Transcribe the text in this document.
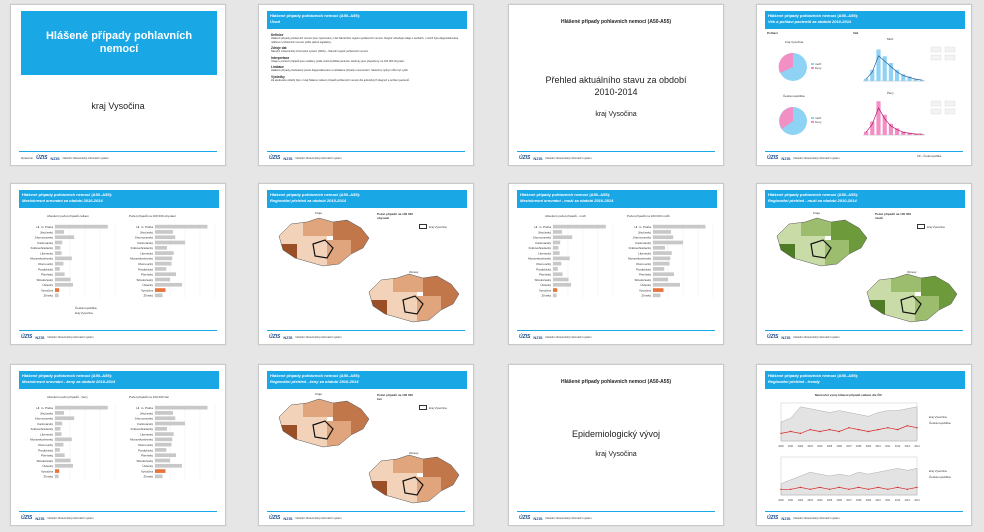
Hlášené případy pohlavních nemocí
kraj Vysočina
Zpracoval: ÚZIS NZIS Národní zdravotnický informační systém
Hlášené případy pohlavních nemocí (A50–A55):
Úvod
Definice
Hlášené případy pohlavních nemocí jsou zpracovány z dat Národního registru pohlavních nemocí. Registr obsahuje údaje o osobách, u nichž byla diagnostikována některá z pohlavních nemocí podle platné legislativy.
Zdroje dat
Národní zdravotnický informační systém (NZIS) – Národní registr pohlavních nemocí.
Interpretace
Údaje o počtech případů jsou uváděny podle místa bydliště pacienta. Hodnoty jsou přepočteny na 100 000 obyvatel.
Limitace
Hlášené případy představují pouze diagnostikované a nahlášené případy onemocnění. Skutečný výskyt může být vyšší.
Výsledky
Za sledované období bylo v kraji hlášeno celkem případů pohlavních nemocí dle jednotlivých diagnóz a pohlaví pacientů.
ÚZIS NZIS Národní zdravotnický informační systém
Hlášené případy pohlavních nemocí (A50-A55)
Přehled aktuálního stavu za období
2010-2014
kraj Vysočina
ÚZIS NZIS Národní zdravotnický informační systém
Hlášené případy pohlavních nemocí (A50–A55):
Věk a pohlaví pacientů za období 2010-2014
Pohlaví	Věk
Kraj Vysočina
Česká republika
muži
ženy
muži
ženy
Muži
Ženy
CR – Česká republika
ÚZIS NZIS Národní zdravotnický informační systém
Hlášené případy pohlavních nemocí (A50–A55):
Meziokresní srovnání za období 2010-2014
Absolutní počet případů celkem	Počet případů na 100 000 obyvatel
Hl. m. Praha
Jihočeský
Jihomoravský
Karlovarský
Královéhradecký
Liberecký
Moravskoslezský
Olomoucký
Pardubický
Plzeňský
Středočeský
Ústecký
Vysočina
Zlínský
Hl. m. Praha
Jihočeský
Jihomoravský
Karlovarský
Královéhradecký
Liberecký
Moravskoslezský
Olomoucký
Pardubický
Plzeňský
Středočeský
Ústecký
Vysočina
Zlínský
Česká republika
kraj Vysočina
ÚZIS NZIS Národní zdravotnický informační systém
Hlášené případy pohlavních nemocí (A50–A55):
Regionální přehled za období 2010-2014
Kraje
Okresy
Počet případů na 100 000 obyvatel
kraj Vysočina
ÚZIS NZIS Národní zdravotnický informační systém
Hlášené případy pohlavních nemocí (A50–A55):
Meziokresní srovnání - muži za období 2010-2014
Absolutní počet případů - muži	Počet případů na 100 000 mužů
Hl. m. Praha
Jihočeský
Jihomoravský
Karlovarský
Královéhradecký
Liberecký
Moravskoslezský
Olomoucký
Pardubický
Plzeňský
Středočeský
Ústecký
Vysočina
Zlínský
Hl. m. Praha
Jihočeský
Jihomoravský
Karlovarský
Královéhradecký
Liberecký
Moravskoslezský
Olomoucký
Pardubický
Plzeňský
Středočeský
Ústecký
Vysočina
Zlínský
ÚZIS NZIS Národní zdravotnický informační systém
Hlášené případy pohlavních nemocí (A50–A55):
Regionální přehled - muži za období 2010-2014
Kraje
Okresy
Počet případů na 100 000 mužů
kraj Vysočina
ÚZIS NZIS Národní zdravotnický informační systém
Hlášené případy pohlavních nemocí (A50–A55):
Meziokresní srovnání - ženy za období 2010-2014
Absolutní počet případů - ženy	Počet případů na 100 000 žen
Hl. m. Praha
Jihočeský
Jihomoravský
Karlovarský
Královéhradecký
Liberecký
Moravskoslezský
Olomoucký
Pardubický
Plzeňský
Středočeský
Ústecký
Vysočina
Zlínský
Hl. m. Praha
Jihočeský
Jihomoravský
Karlovarský
Královéhradecký
Liberecký
Moravskoslezský
Olomoucký
Pardubický
Plzeňský
Středočeský
Ústecký
Vysočina
Zlínský
ÚZIS NZIS Národní zdravotnický informační systém
Hlášené případy pohlavních nemocí (A50–A55):
Regionální přehled - ženy za období 2010-2014
Kraje
Okresy
Počet případů na 100 000 žen
kraj Vysočina
ÚZIS NZIS Národní zdravotnický informační systém
Hlášené případy pohlavních nemocí (A50-A55)
Epidemiologický vývoj
kraj Vysočina
ÚZIS NZIS Národní zdravotnický informační systém
Hlášené případy pohlavních nemocí (A50–A55):
Regionální přehled - trendy
Meziroční vývoj hlášení případů celkem dle ČR
2000 2001 2002 2003 2004 2005 2006 2007 2008 2009 2010 2011 2012 2013 2014
2000 2001 2002 2003 2004 2005 2006 2007 2008 2009 2010 2011 2012 2013 2014
kraj Vysočina
Česká republika
kraj Vysočina
Česká republika
ÚZIS NZIS Národní zdravotnický informační systém
